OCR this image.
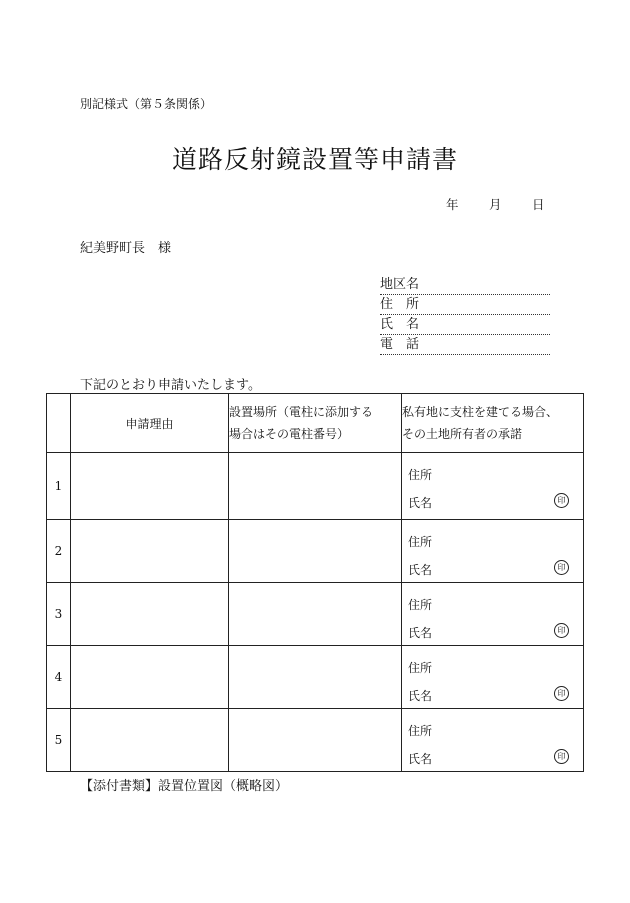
別記様式（第５条関係）
道路反射鏡設置等申請書
年 月 日
紀美野町長　様
地区名
住　所
氏　名
電　話
下記のとおり申請いたします。
	申請理由	設置場所（電柱に添加する
場合はその電柱番号）	私有地に支柱を建てる場合、
その土地所有者の承諾
1			住所
氏名 印

2			住所
氏名 印

3			住所
氏名 印

4			住所
氏名 印

5			住所
氏名 印
【添付書類】設置位置図（概略図）
